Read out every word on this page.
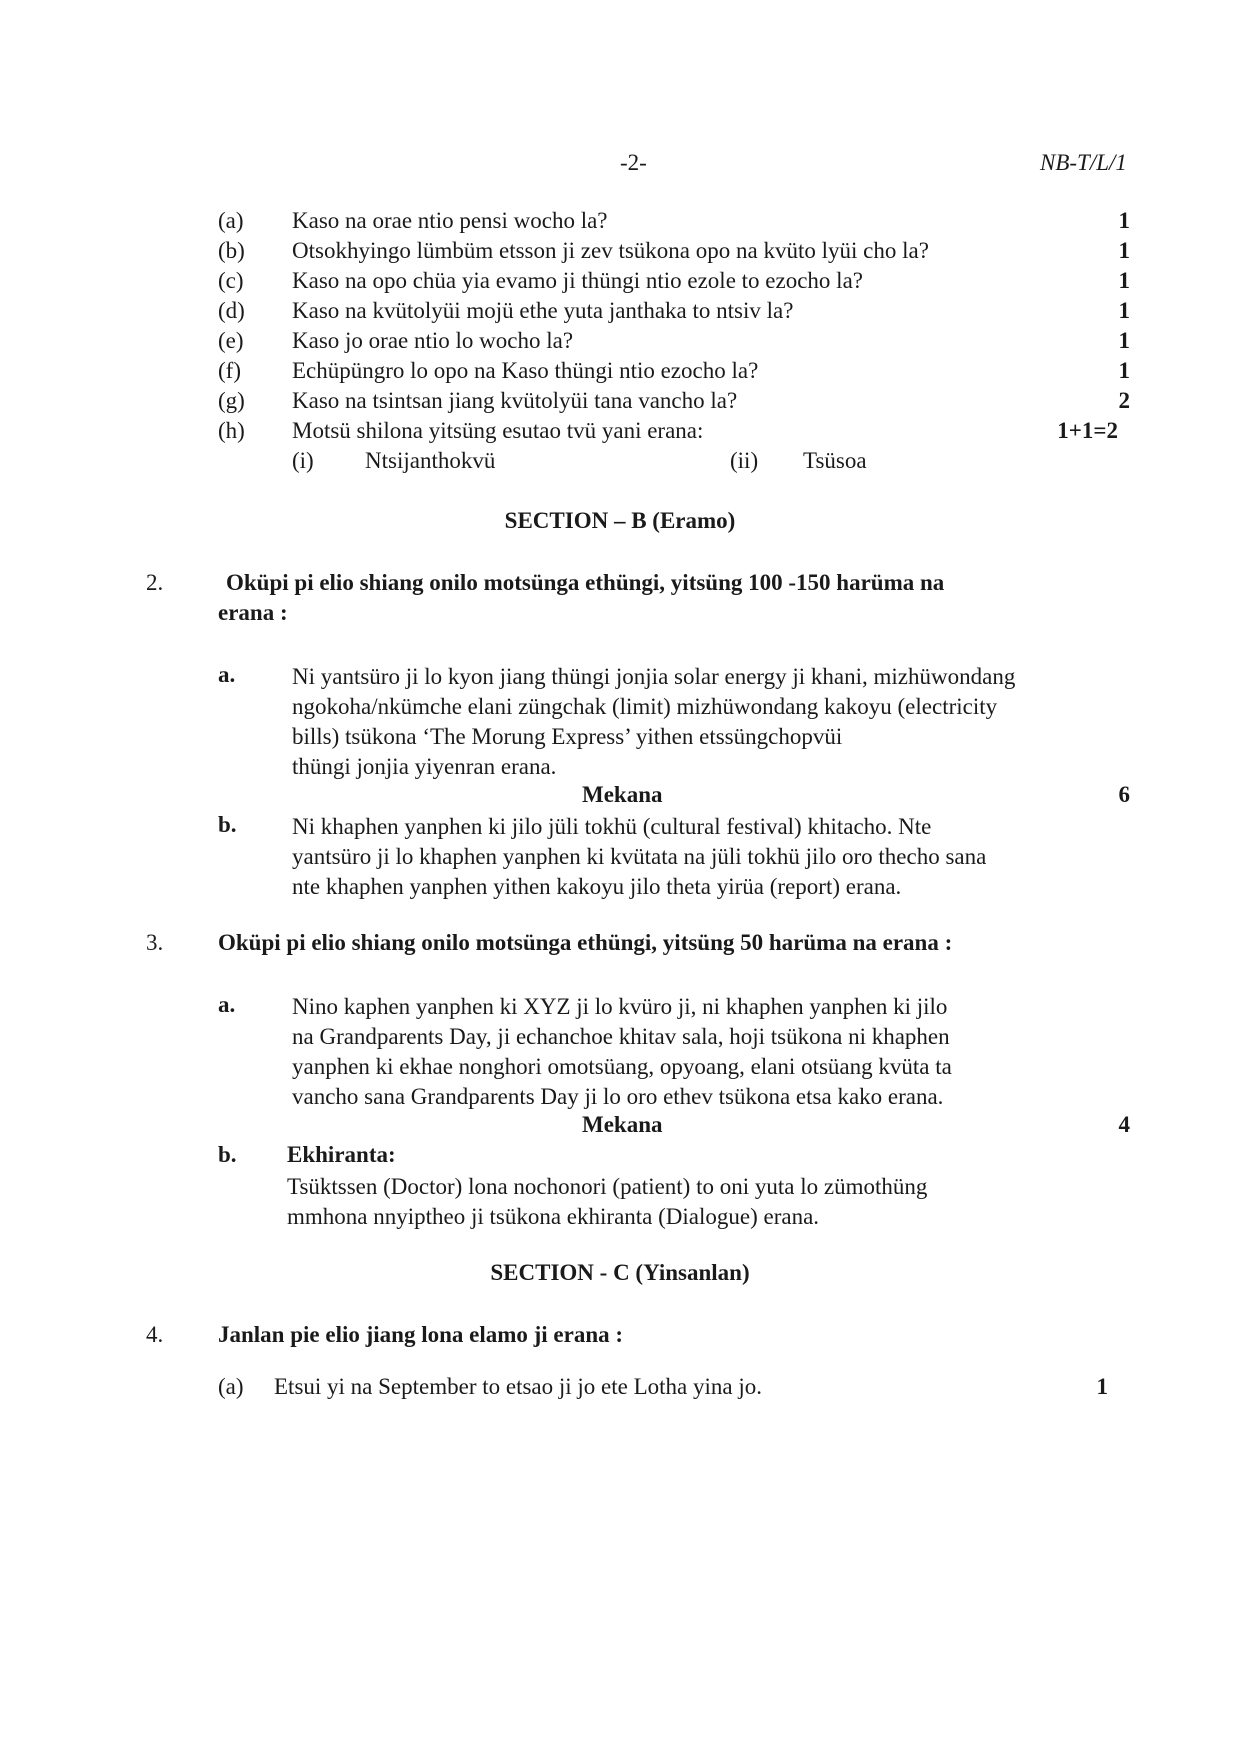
-2-	NB-T/L/1
(a) Kaso na orae ntio pensi wocho la?	1
(b) Otsokhyingo lümbüm etsson ji zev tsükona opo na kvüto lyüi cho la?	1
(c) Kaso na opo chüa yia evamo ji thüngi ntio ezole to ezocho la?	1
(d) Kaso na kvütolyüi mojü ethe yuta janthaka to ntsiv la?	1
(e) Kaso jo orae ntio lo wocho la?	1
(f) Echüpüngro lo opo na Kaso thüngi ntio ezocho la?	1
(g) Kaso na tsintsan jiang kvütolyüi tana vancho la?	2
(h) Motsü shilona yitsüng esutao tvü yani erana:	1+1=2
(i) Ntsijanthokvü	(ii) Tsüsoa
SECTION – B (Eramo)
2.	Oküpi pi elio shiang onilo motsünga ethüngi, yitsüng 100 -150 harüma na
erana :
a. Ni yantsüro ji lo kyon jiang thüngi jonjia solar energy ji khani, mizhüwondang
ngokoha/nkümche elani züngchak (limit) mizhüwondang kakoyu (electricity
bills) tsükona ‘The Morung Express’ yithen etssüngchopvüi
thüngi jonjia yiyenran erana.
Mekana	6
b. Ni khaphen yanphen ki jilo jüli tokhü (cultural festival) khitacho. Nte
yantsüro ji lo khaphen yanphen ki kvütata na jüli tokhü jilo oro thecho sana
nte khaphen yanphen yithen kakoyu jilo theta yirüa (report) erana.
3. Oküpi pi elio shiang onilo motsünga ethüngi, yitsüng 50 harüma na erana :
a. Nino kaphen yanphen ki XYZ ji lo kvüro ji, ni khaphen yanphen ki jilo
na Grandparents Day, ji echanchoe khitav sala, hoji tsükona ni khaphen
yanphen ki ekhae nonghori omotsüang, opyoang, elani otsüang kvüta ta
vancho sana Grandparents Day ji lo oro ethev tsükona etsa kako erana.
Mekana	4
b. Ekhiranta:
Tsüktssen (Doctor) lona nochonori (patient) to oni yuta lo zümothüng
mmhona nnyiptheo ji tsükona ekhiranta (Dialogue) erana.
SECTION - C (Yinsanlan)
4. Janlan pie elio jiang lona elamo ji erana :
(a) Etsui yi na September to etsao ji jo ete Lotha yina jo.	1
